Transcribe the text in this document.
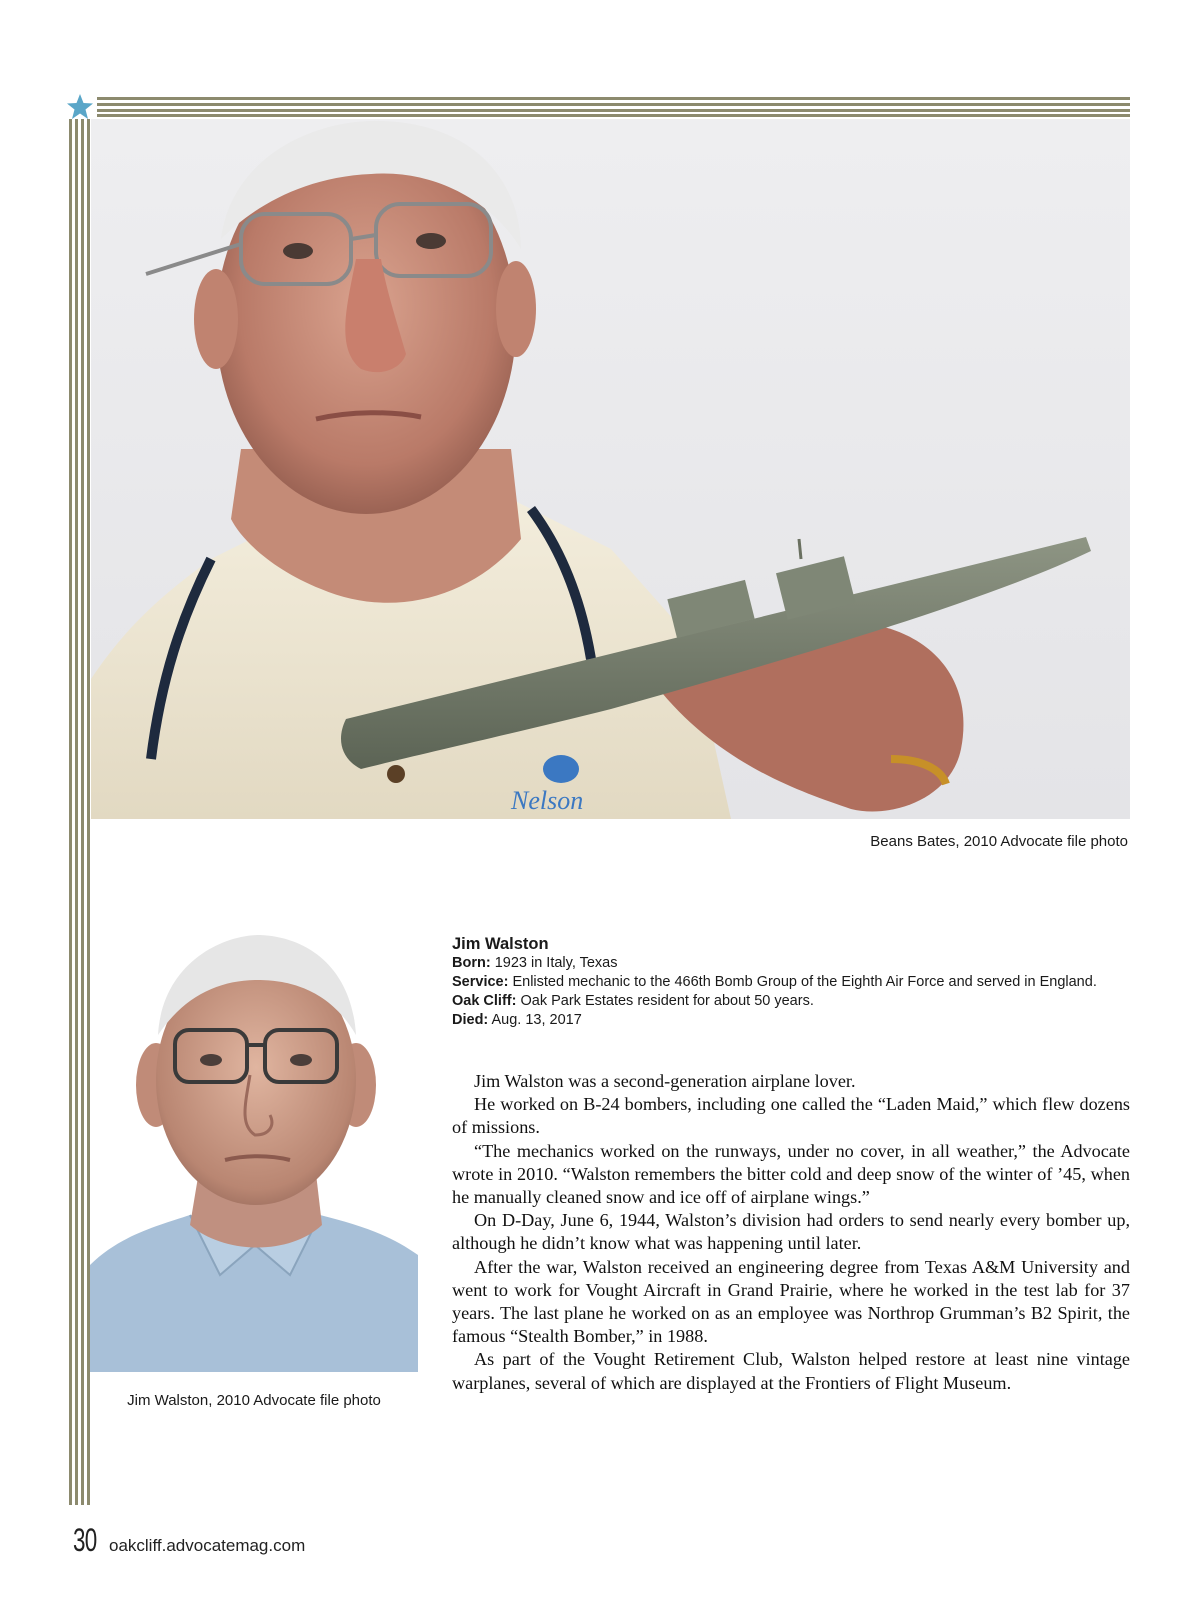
Nelson
Beans Bates, 2010 Advocate file photo
Jim Walston, 2010 Advocate file photo
Jim Walston
Born: 1923 in Italy, Texas
Service: Enlisted mechanic to the 466th Bomb Group of the Eighth Air Force and served in England.
Oak Cliff: Oak Park Estates resident for about 50 years.
Died: Aug. 13, 2017

Jim Walston was a second-generation airplane lover.

He worked on B-24 bombers, including one called the “Laden Maid,” which flew dozens of missions.

“The mechanics worked on the runways, under no cover, in all weather,” the Advocate wrote in 2010. “Walston remembers the bitter cold and deep snow of the winter of ’45, when he manually cleaned snow and ice off of airplane wings.”

On D-Day, June 6, 1944, Walston’s division had orders to send nearly every bomber up, although he didn’t know what was happening until later.

After the war, Walston received an engineering degree from Texas A&M University and went to work for Vought Aircraft in Grand Prairie, where he worked in the test lab for 37 years. The last plane he worked on as an employee was Northrop Grumman’s B2 Spirit, the famous “Stealth Bomber,” in 1988.

As part of the Vought Retirement Club, Walston helped restore at least nine vintage warplanes, several of which are displayed at the Frontiers of Flight Museum.

30 oakcliff.advocatemag.com
